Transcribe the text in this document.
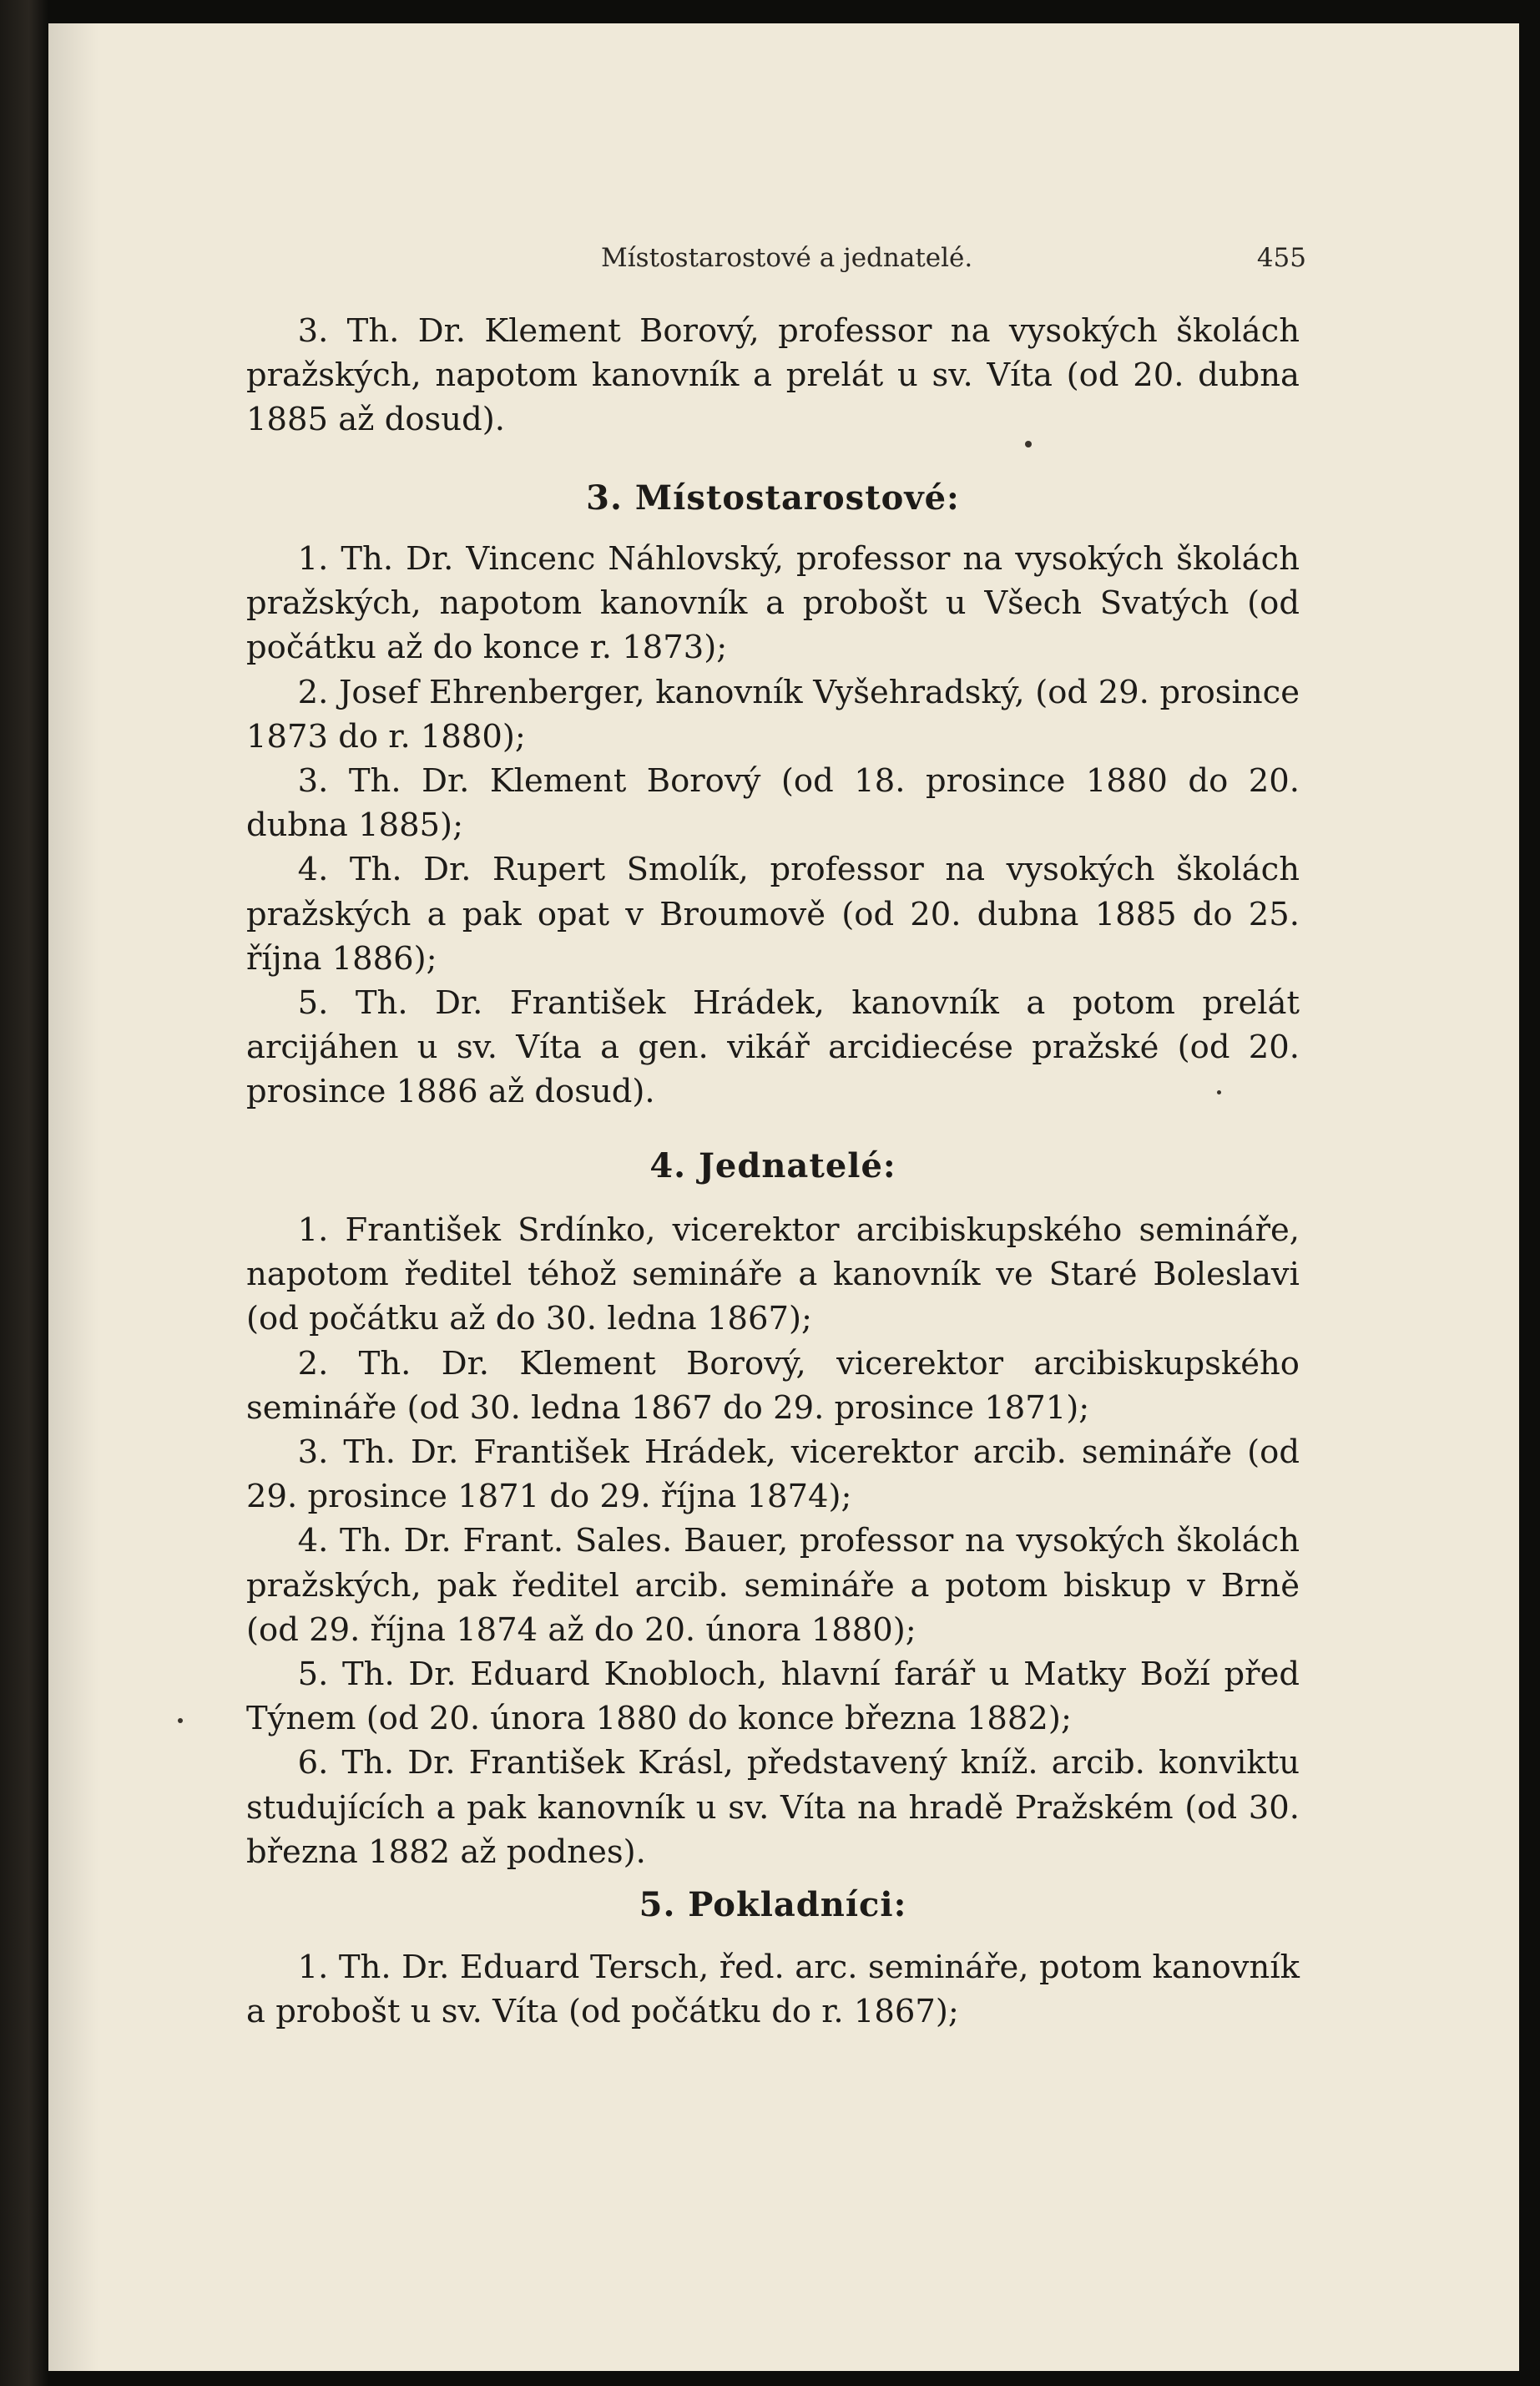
Místostarostové a jednatelé.	455

3. Th. Dr. Klement Borový, professor na vysokých školách pražských, napotom kanovník a prelát u sv. Víta (od 20. dubna 1885 až dosud).

3. Místostarostové:

1. Th. Dr. Vincenc Náhlovský, professor na vysokých školách pražských, napotom kanovník a probošt u Všech Svatých (od počátku až do konce r. 1873);

2. Josef Ehrenberger, kanovník Vyšehradský, (od 29. prosince 1873 do r. 1880);

3. Th. Dr. Klement Borový (od 18. prosince 1880 do 20. dubna 1885);

4. Th. Dr. Rupert Smolík, professor na vysokých školách pražských a pak opat v Broumově (od 20. dubna 1885 do 25. října 1886);

5. Th. Dr. František Hrádek, kanovník a potom prelát arcijáhen u sv. Víta a gen. vikář arcidiecése pražské (od 20. prosince 1886 až dosud).

4. Jednatelé:

1. František Srdínko, vicerektor arcibiskupského semináře, napotom ředitel téhož semináře a kanovník ve Staré Boleslavi (od počátku až do 30. ledna 1867);

2. Th. Dr. Klement Borový, vicerektor arcibiskupského semináře (od 30. ledna 1867 do 29. prosince 1871);

3. Th. Dr. František Hrádek, vicerektor arcib. semináře (od 29. prosince 1871 do 29. října 1874);

4. Th. Dr. Frant. Sales. Bauer, professor na vysokých školách pražských, pak ředitel arcib. semináře a potom biskup v Brně (od 29. října 1874 až do 20. února 1880);

5. Th. Dr. Eduard Knobloch, hlavní farář u Matky Boží před Týnem (od 20. února 1880 do konce března 1882);

6. Th. Dr. František Krásl, představený kníž. arcib. konviktu studujících a pak kanovník u sv. Víta na hradě Pražském (od 30. března 1882 až podnes).

5. Pokladníci:

1. Th. Dr. Eduard Tersch, řed. arc. semináře, potom kanovník a probošt u sv. Víta (od počátku do r. 1867);
